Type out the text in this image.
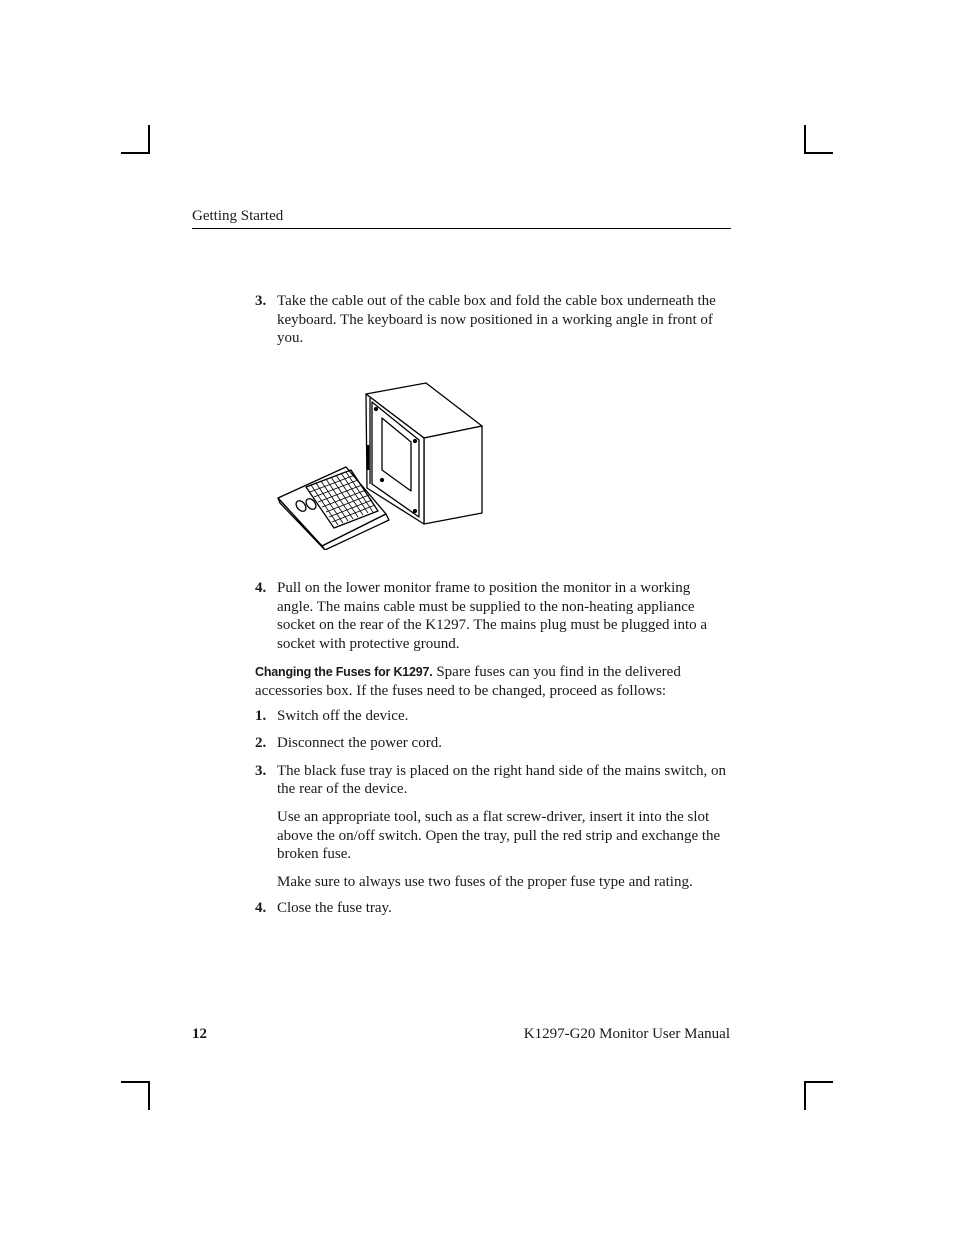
Getting Started
3. Take the cable out of the cable box and fold the cable box underneath the keyboard. The keyboard is now positioned in a working angle in front of you.
4. Pull on the lower monitor frame to position the monitor in a working angle. The mains cable must be supplied to the non-heating appliance socket on the rear of the K1297. The mains plug must be plugged into a socket with protective ground.
Changing the Fuses for K1297. Spare fuses can you find in the delivered accessories box. If the fuses need to be changed, proceed as follows:
1. Switch off the device.
2. Disconnect the power cord.
3. The black fuse tray is placed on the right hand side of the mains switch, on the rear of the device.
Use an appropriate tool, such as a flat screw-driver, insert it into the slot above the on/off switch. Open the tray, pull the red strip and exchange the broken fuse.
Make sure to always use two fuses of the proper fuse type and rating.
4. Close the fuse tray.
12	K1297-G20 Monitor User Manual
